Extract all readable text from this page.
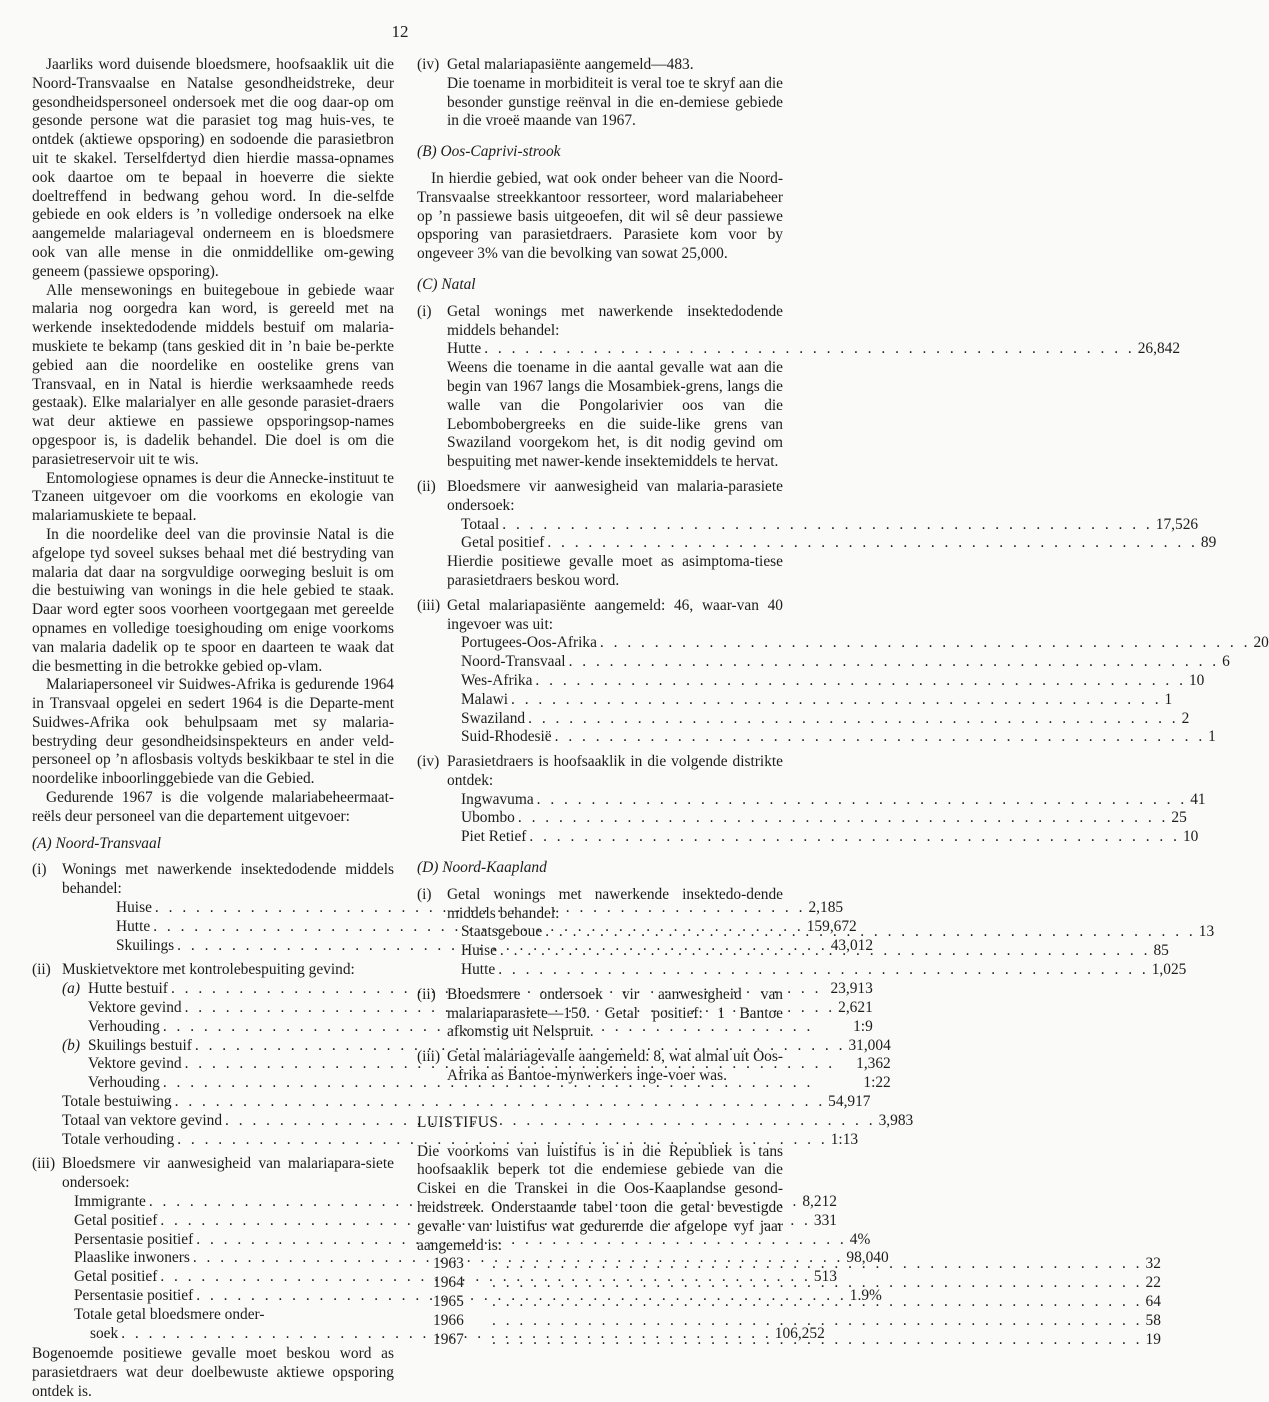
12

Jaarliks word duisende bloedsmere, hoofsaaklik uit die Noord-Transvaalse en Natalse gesondheidstreke, deur gesondheidspersoneel ondersoek met die oog daar-op om gesonde persone wat die parasiet tog mag huis-ves, te ontdek (aktiewe opsporing) en sodoende die parasietbron uit te skakel. Terselfdertyd dien hierdie massa-opnames ook daartoe om te bepaal in hoeverre die siekte doeltreffend in bedwang gehou word. In die-selfde gebiede en ook elders is ’n volledige ondersoek na elke aangemelde malariageval onderneem en is bloedsmere ook van alle mense in die onmiddellike om-gewing geneem (passiewe opsporing).

Alle mensewonings en buitegeboue in gebiede waar malaria nog oorgedra kan word, is gereeld met na werkende insektedodende middels bestuif om malaria-muskiete te bekamp (tans geskied dit in ’n baie be-perkte gebied aan die noordelike en oostelike grens van Transvaal, en in Natal is hierdie werksaamhede reeds gestaak). Elke malarialyer en alle gesonde parasiet-draers wat deur aktiewe en passiewe opsporingsop-names opgespoor is, is dadelik behandel. Die doel is om die parasietreservoir uit te wis.

Entomologiese opnames is deur die Annecke-instituut te Tzaneen uitgevoer om die voorkoms en ekologie van malariamuskiete te bepaal.

In die noordelike deel van die provinsie Natal is die afgelope tyd soveel sukses behaal met dié bestryding van malaria dat daar na sorgvuldige oorweging besluit is om die bestuiwing van wonings in die hele gebied te staak. Daar word egter soos voorheen voortgegaan met gereelde opnames en volledige toesighouding om enige voorkoms van malaria dadelik op te spoor en daarteen te waak dat die besmetting in die betrokke gebied op-vlam.

Malariapersoneel vir Suidwes-Afrika is gedurende 1964 in Transvaal opgelei en sedert 1964 is die Departe-ment Suidwes-Afrika ook behulpsaam met sy malaria-bestryding deur gesondheidsinspekteurs en ander veld-personeel op ’n aflosbasis voltyds beskikbaar te stel in die noordelike inboorlinggebiede van die Gebied.

Gedurende 1967 is die volgende malariabeheermaat-reëls deur personeel van die departement uitgevoer:

(A) Noord-Transvaal
(i)	Wonings met nawerkende insektedodende middels behandel:
Huise . . .	2,185
Hutte . . .	159,672
Skuilings . . .	43,012
(ii) Muskietvektore met kontrolebespuiting gevind:
(a) Hutte bestuif . . .	23,913
Vektore gevind . . .	2,621
Verhouding . . .	1:9
(b) Skuilings bestuif . . .	31,004
Vektore gevind . . .	1,362
Verhouding . . .	1:22
Totale bestuiwing . . .	54,917
Totaal van vektore gevind . . .	3,983
Totale verhouding . . .	1:13
(iii) Bloedsmere vir aanwesigheid van malariapara-siete ondersoek:
Immigrante . . .	8,212
Getal positief . . .	331
Persentasie positief . . .	4%
Plaaslike inwoners . . .	98,040
Getal positief . . .	513
Persentasie positief . . .	1.9%
Totale getal bloedsmere onder-
soek . . .	106,252

Bogenoemde positiewe gevalle moet beskou word as parasietdraers wat deur doelbewuste aktiewe opsporing ontdek is.

(iv) Getal malariapasiënte aangemeld—483.

Die toename in morbiditeit is veral toe te skryf aan die besonder gunstige reënval in die en-demiese gebiede in die vroeë maande van 1967.

(B) Oos-Caprivi-strook

In hierdie gebied, wat ook onder beheer van die Noord-Transvaalse streekkantoor ressorteer, word malariabeheer op ’n passiewe basis uitgeoefen, dit wil sê deur passiewe opsporing van parasietdraers. Parasiete kom voor by ongeveer 3% van die bevolking van sowat 25,000.

(C) Natal
(i)	Getal wonings met nawerkende insektedodende middels behandel:
Hutte . . .	26,842

Weens die toename in die aantal gevalle wat aan die begin van 1967 langs die Mosambiek-grens, langs die walle van die Pongolarivier oos van die Lebombobergreeks en die suide-like grens van Swaziland voorgekom het, is dit nodig gevind om bespuiting met nawer-kende insektemiddels te hervat.

(ii) Bloedsmere vir aanwesigheid van malaria-parasiete ondersoek:
Totaal . . .	17,526
Getal positief . . .	89

Hierdie positiewe gevalle moet as asimptoma-tiese parasietdraers beskou word.

(iii) Getal malariapasiënte aangemeld: 46, waar-van 40 ingevoer was uit:
Portugees-Oos-Afrika . . .	20
Noord-Transvaal . . .	6
Wes-Afrika . . .	10
Malawi . . .	1
Swaziland . . .	2
Suid-Rhodesië . . .	1
(iv) Parasietdraers is hoofsaaklik in die volgende distrikte ontdek:
Ingwavuma . . .	41
Ubombo . . .	25
Piet Retief . . .	10
(D) Noord-Kaapland
(i)	Getal wonings met nawerkende insektedo-dende middels behandel:
Staatsgeboue . . .	13
Huise . . .	85
Hutte . . .	1,025
(ii) Bloedsmere ondersoek vir aanwesigheid van malariaparasiete—150. Getal positief: 1 Bantoe afkomstig uit Nelspruit.
(iii) Getal malariagevalle aangemeld: 8, wat almal uit Oos-Afrika as Bantoe-mynwerkers inge-voer was.
LUISTIFUS

Die voorkoms van luistifus is in die Republiek is tans hoofsaaklik beperk tot die endemiese gebiede van die Ciskei en die Transkei in die Oos-Kaaplandse gesond-heidstreek. Onderstaande tabel toon die getal bevestigde gevalle van luistifus wat gedurende die afgelope vyf jaar aangemeld is:

1963 . . .	32
1964 . . .	22
1965 . . .	64
1966 . . .	58
1967 . . .	19
